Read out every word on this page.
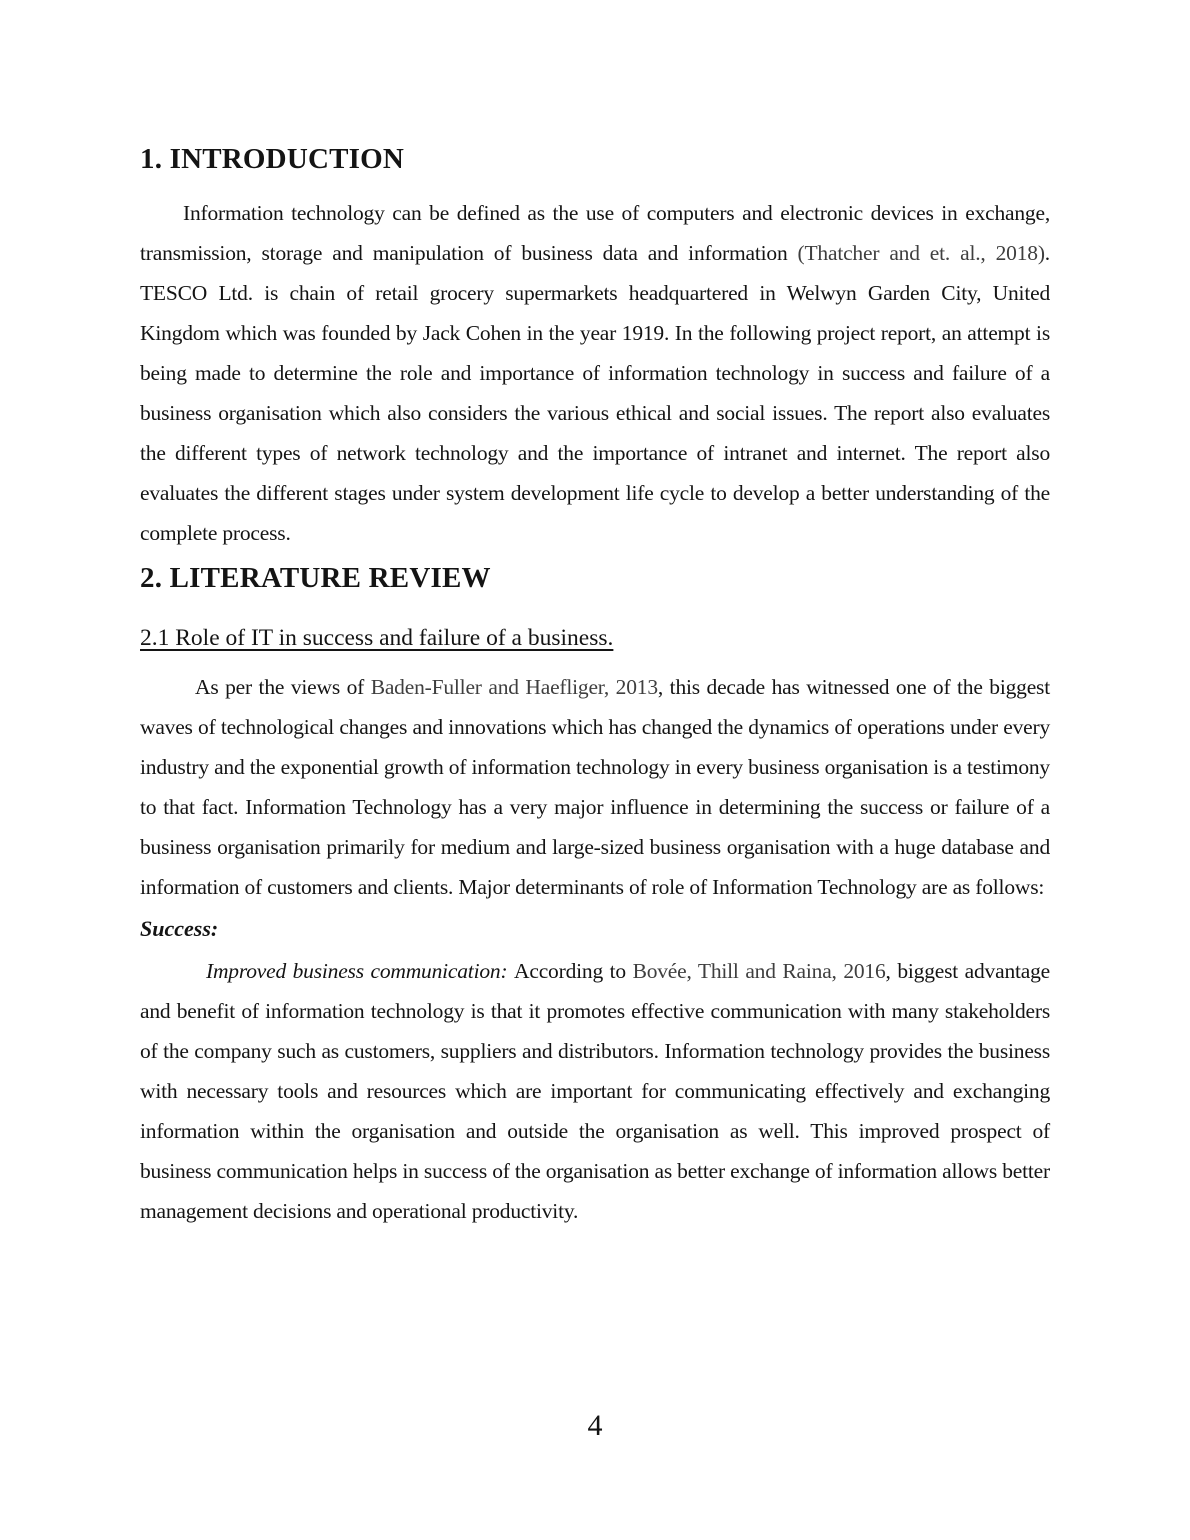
1. INTRODUCTION

Information technology can be defined as the use of computers and electronic devices in exchange, transmission, storage and manipulation of business data and information (Thatcher and et. al., 2018). TESCO Ltd. is chain of retail grocery supermarkets headquartered in Welwyn Garden City, United Kingdom which was founded by Jack Cohen in the year 1919. In the following project report, an attempt is being made to determine the role and importance of information technology in success and failure of a business organisation which also considers the various ethical and social issues. The report also evaluates the different types of network technology and the importance of intranet and internet. The report also evaluates the different stages under system development life cycle to develop a better understanding of the complete process.

2. LITERATURE REVIEW
2.1 Role of IT in success and failure of a business.

As per the views of Baden-Fuller and Haefliger, 2013, this decade has witnessed one of the biggest waves of technological changes and innovations which has changed the dynamics of operations under every industry and the exponential growth of information technology in every business organisation is a testimony to that fact. Information Technology has a very major influence in determining the success or failure of a business organisation primarily for medium and large-sized business organisation with a huge database and information of customers and clients. Major determinants of role of Information Technology are as follows:

Success:

Improved business communication: According to Bovée, Thill and Raina, 2016, biggest advantage and benefit of information technology is that it promotes effective communication with many stakeholders of the company such as customers, suppliers and distributors. Information technology provides the business with necessary tools and resources which are important for communicating effectively and exchanging information within the organisation and outside the organisation as well. This improved prospect of business communication helps in success of the organisation as better exchange of information allows better management decisions and operational productivity.

4
